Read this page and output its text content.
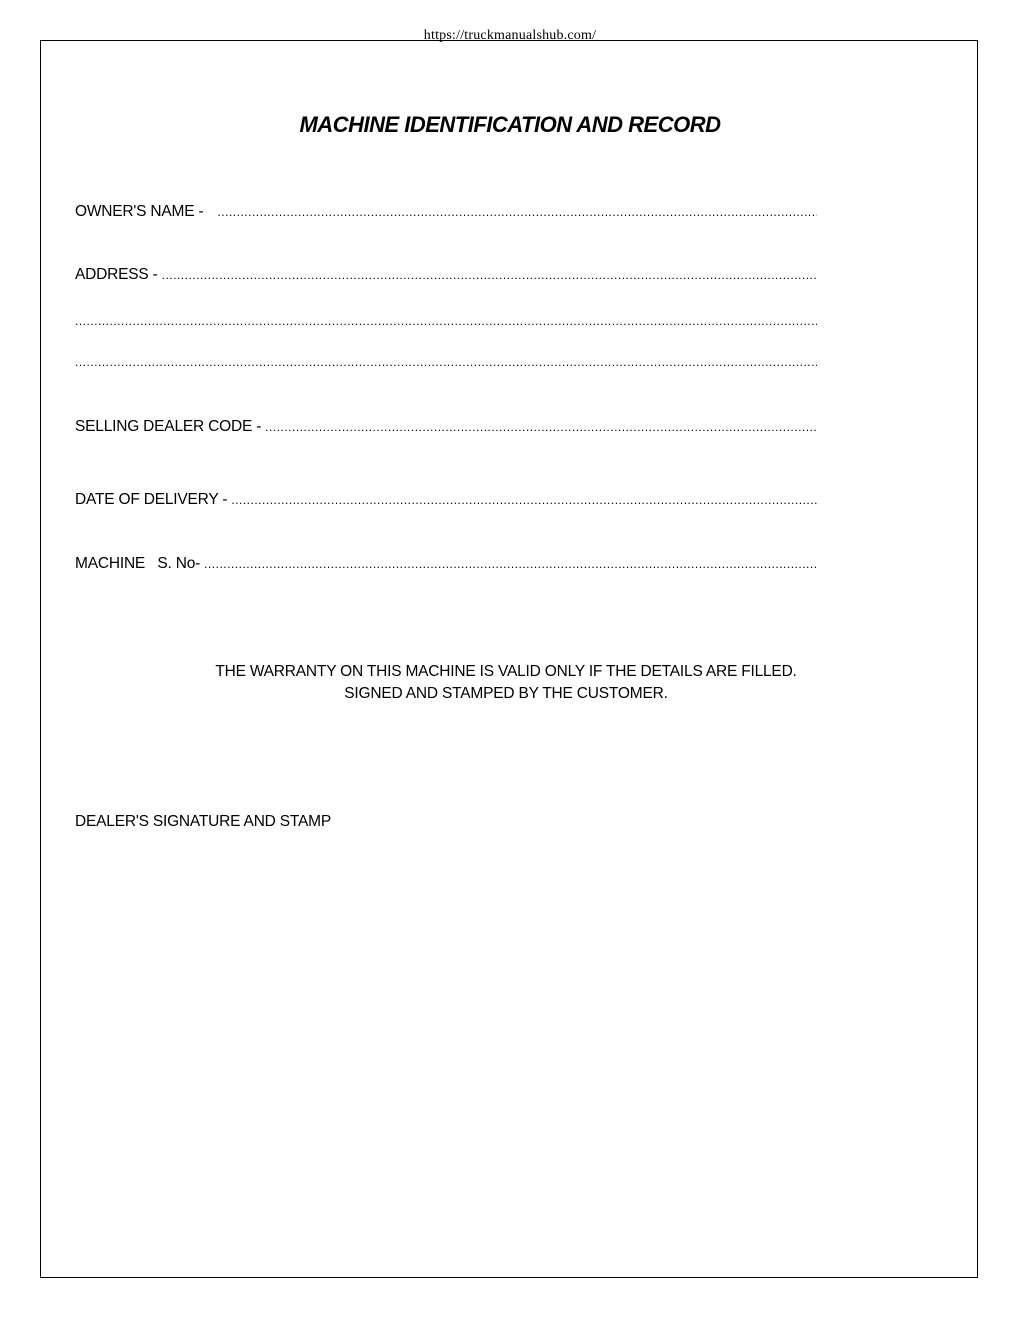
https://truckmanualshub.com/
MACHINE IDENTIFICATION AND RECORD
OWNER'S NAME -
.....
ADDRESS -
.....
.....
.....
SELLING DEALER CODE -
.....
DATE OF DELIVERY -
.....
MACHINE   S. No-
.....
THE WARRANTY ON THIS MACHINE IS VALID ONLY IF THE DETAILS ARE FILLED.
SIGNED AND STAMPED BY THE CUSTOMER.
DEALER'S SIGNATURE AND STAMP
